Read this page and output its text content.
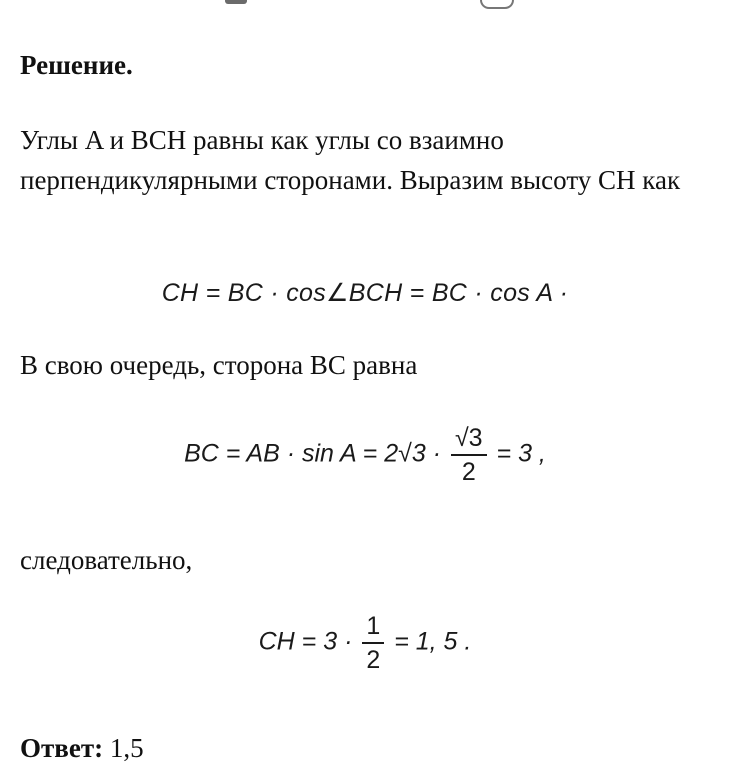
Решение.

Углы A и BCH равны как углы со взаимно перпендикулярными сторонами. Выразим высоту CH как

CH = BC · cos∠BCH = BC · cos A ·

В свою очередь, сторона BC равна

BC = AB · $\sin A = 2√3 \cdot \frac{√3}{2} = 3$ ,

следовательно,

CH = $3 \cdot \frac{1}{2} = 1$, 5 .

Ответ: 1,5
